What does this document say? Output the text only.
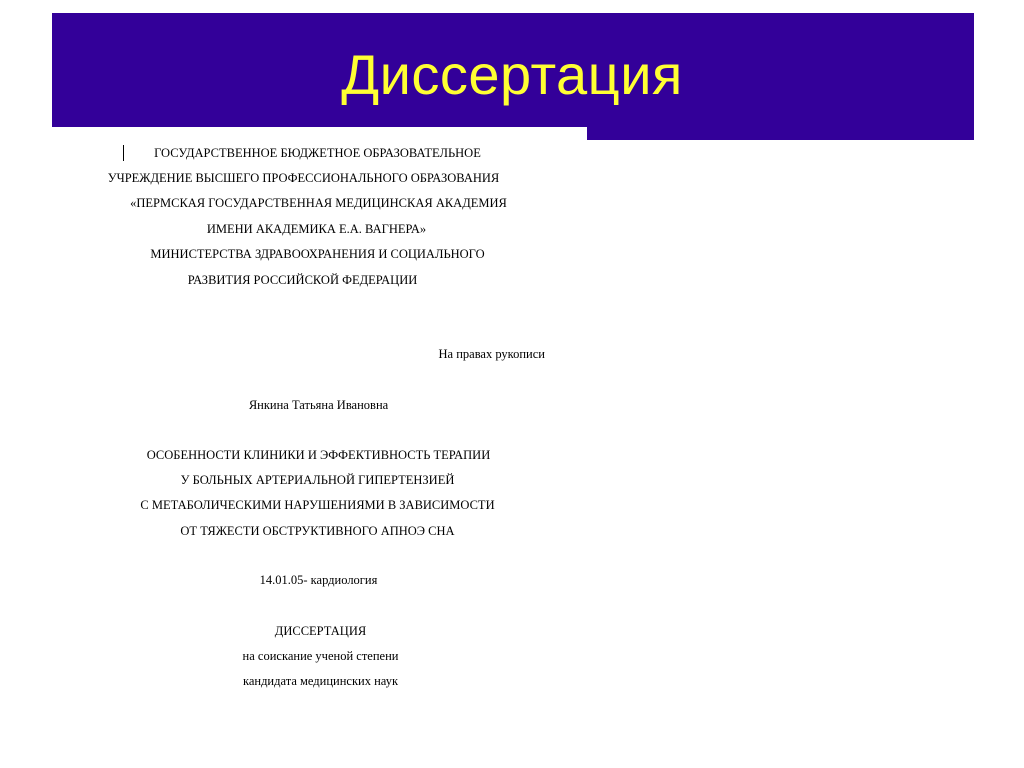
Диссертация
ГОСУДАРСТВЕННОЕ БЮДЖЕТНОЕ ОБРАЗОВАТЕЛЬНОЕ
УЧРЕЖДЕНИЕ ВЫСШЕГО ПРОФЕССИОНАЛЬНОГО ОБРАЗОВАНИЯ
«ПЕРМСКАЯ ГОСУДАРСТВЕННАЯ МЕДИЦИНСКАЯ АКАДЕМИЯ
ИМЕНИ АКАДЕМИКА Е.А. ВАГНЕРА»
МИНИСТЕРСТВА ЗДРАВООХРАНЕНИЯ И СОЦИАЛЬНОГО
РАЗВИТИЯ РОССИЙСКОЙ ФЕДЕРАЦИИ
На правах рукописи
Янкина Татьяна Ивановна
ОСОБЕННОСТИ КЛИНИКИ И ЭФФЕКТИВНОСТЬ ТЕРАПИИ
У БОЛЬНЫХ АРТЕРИАЛЬНОЙ ГИПЕРТЕНЗИЕЙ
С МЕТАБОЛИЧЕСКИМИ НАРУШЕНИЯМИ В ЗАВИСИМОСТИ
ОТ ТЯЖЕСТИ ОБСТРУКТИВНОГО АПНОЭ СНА
14.01.05- кардиология
ДИССЕРТАЦИЯ
на соискание ученой степени
кандидата медицинских наук
